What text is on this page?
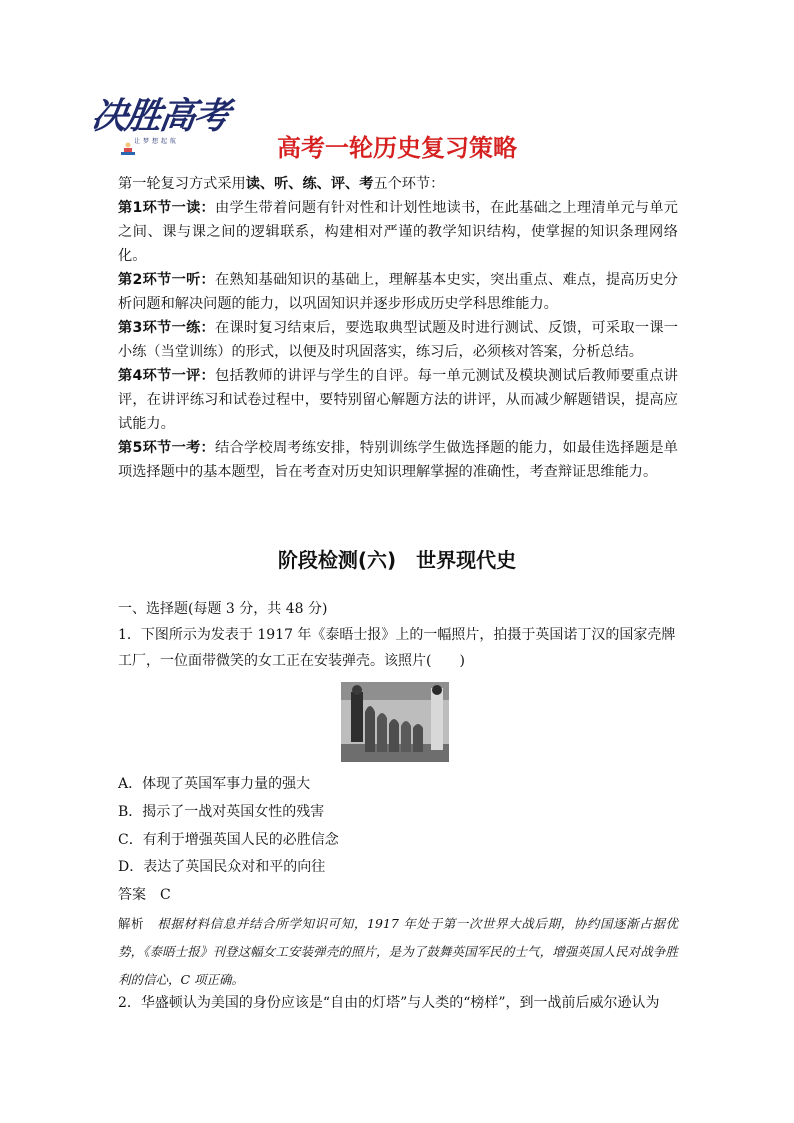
决胜高考
让梦想起航	高考一轮历史复习策略

第一轮复习方式采用读、听、练、评、考五个环节：

第1环节一读：由学生带着问题有针对性和计划性地读书，在此基础之上理清单元与单元之间、课与课之间的逻辑联系，构建相对严谨的教学知识结构，使掌握的知识条理网络化。

第2环节一听：在熟知基础知识的基础上，理解基本史实，突出重点、难点，提高历史分析问题和解决问题的能力，以巩固知识并逐步形成历史学科思维能力。

第3环节一练：在课时复习结束后，要选取典型试题及时进行测试、反馈，可采取一课一小练（当堂训练）的形式，以便及时巩固落实，练习后，必须核对答案，分析总结。

第4环节一评：包括教师的讲评与学生的自评。每一单元测试及模块测试后教师要重点讲评，在讲评练习和试卷过程中，要特别留心解题方法的讲评，从而减少解题错误，提高应试能力。

第5环节一考：结合学校周考练安排，特别训练学生做选择题的能力，如最佳选择题是单项选择题中的基本题型，旨在考查对历史知识理解掌握的准确性，考查辩证思维能力。

阶段检测(六)　世界现代史
一、选择题(每题 3 分，共 48 分)
1．下图所示为发表于 1917 年《泰晤士报》上的一幅照片，拍摄于英国诺丁汉的国家壳牌工厂，一位面带微笑的女工正在安装弹壳。该照片(　　)
A．体现了英国军事力量的强大
B．揭示了一战对英国女性的残害
C．有利于增强英国人民的必胜信念
D．表达了英国民众对和平的向往
答案　 C
解析　 根据材料信息并结合所学知识可知，1917 年处于第一次世界大战后期，协约国逐渐占据优势，《泰晤士报》刊登这幅女工安装弹壳的照片，是为了鼓舞英国军民的士气，增强英国人民对战争胜利的信心，C 项正确。
2．华盛顿认为美国的身份应该是“自由的灯塔”与人类的“榜样”，到一战前后威尔逊认为
